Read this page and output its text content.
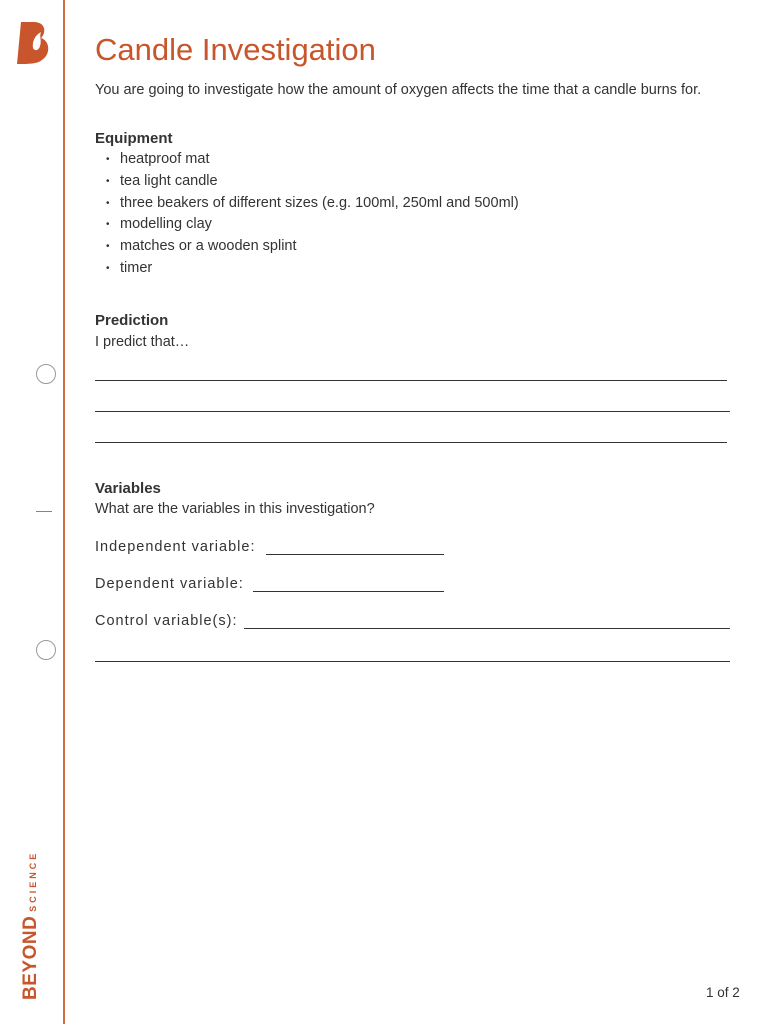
BEYONDSCIENCE
Candle Investigation
You are going to investigate how the amount of oxygen affects the time that a candle burns for.
Equipment
• heatproof mat
• tea light candle
• three beakers of different sizes (e.g. 100ml, 250ml and 500ml)
• modelling clay
• matches or a wooden splint
• timer
Prediction
I predict that…
Variables
What are the variables in this investigation?
Independent variable:
Dependent variable:
Control variable(s):
1 of 2
